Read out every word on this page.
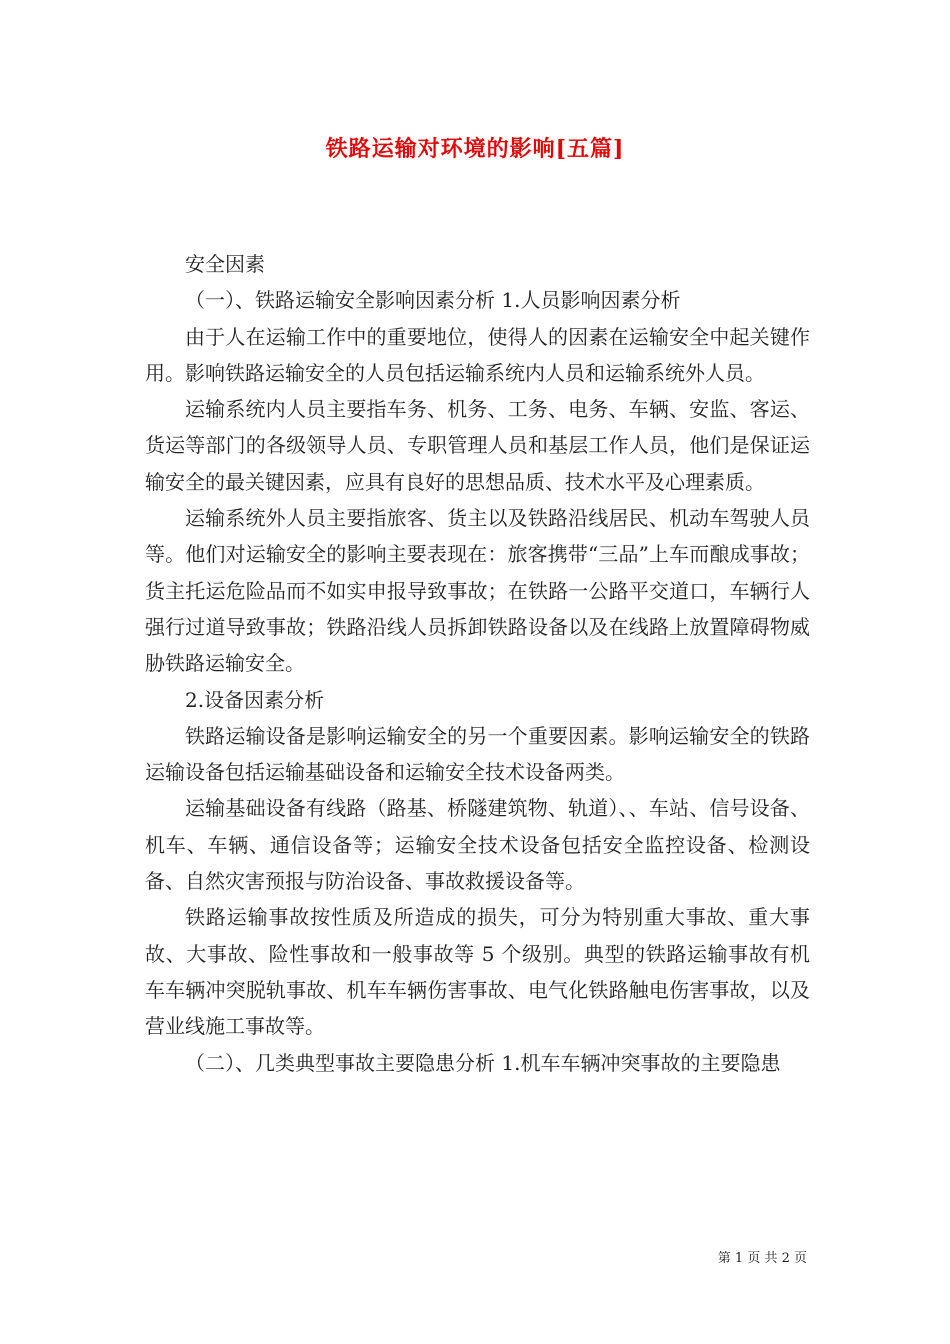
铁路运输对环境的影响[五篇]

安全因素

（一）、铁路运输安全影响因素分析 1.人员影响因素分析

由于人在运输工作中的重要地位，使得人的因素在运输安全中起关键作用。影响铁路运输安全的人员包括运输系统内人员和运输系统外人员。

运输系统内人员主要指车务、机务、工务、电务、车辆、安监、客运、货运等部门的各级领导人员、专职管理人员和基层工作人员，他们是保证运输安全的最关键因素，应具有良好的思想品质、技术水平及心理素质。

运输系统外人员主要指旅客、货主以及铁路沿线居民、机动车驾驶人员等。他们对运输安全的影响主要表现在：旅客携带“三品”上车而酿成事故；货主托运危险品而不如实申报导致事故；在铁路一公路平交道口，车辆行人强行过道导致事故；铁路沿线人员拆卸铁路设备以及在线路上放置障碍物威胁铁路运输安全。

2.设备因素分析

铁路运输设备是影响运输安全的另一个重要因素。影响运输安全的铁路运输设备包括运输基础设备和运输安全技术设备两类。

运输基础设备有线路（路基、桥隧建筑物、轨道）、、车站、信号设备、机车、车辆、通信设备等；运输安全技术设备包括安全监控设备、检测设备、自然灾害预报与防治设备、事故救援设备等。

铁路运输事故按性质及所造成的损失，可分为特别重大事故、重大事故、大事故、险性事故和一般事故等 5 个级别。典型的铁路运输事故有机车车辆冲突脱轨事故、机车车辆伤害事故、电气化铁路触电伤害事故，以及营业线施工事故等。

（二）、几类典型事故主要隐患分析 1.机车车辆冲突事故的主要隐患

第 1 页 共 2 页
